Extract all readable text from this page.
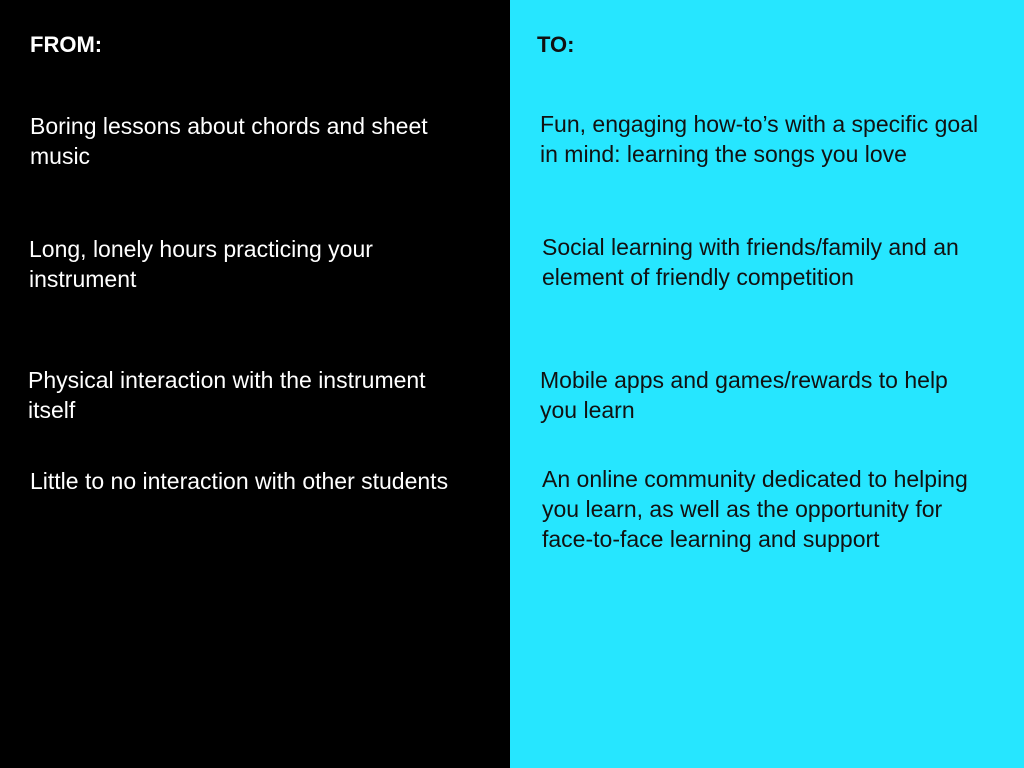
FROM:
Boring lessons about chords and sheet music
Long, lonely hours practicing your instrument
Physical interaction with the instrument itself
Little to no interaction with other students
TO:
Fun, engaging how-to’s with a specific goal in mind: learning the songs you love
Social learning with friends/family and an element of friendly competition
Mobile apps and games/rewards to help you learn
An online community dedicated to helping you learn, as well as the opportunity for face-to-face learning and support
